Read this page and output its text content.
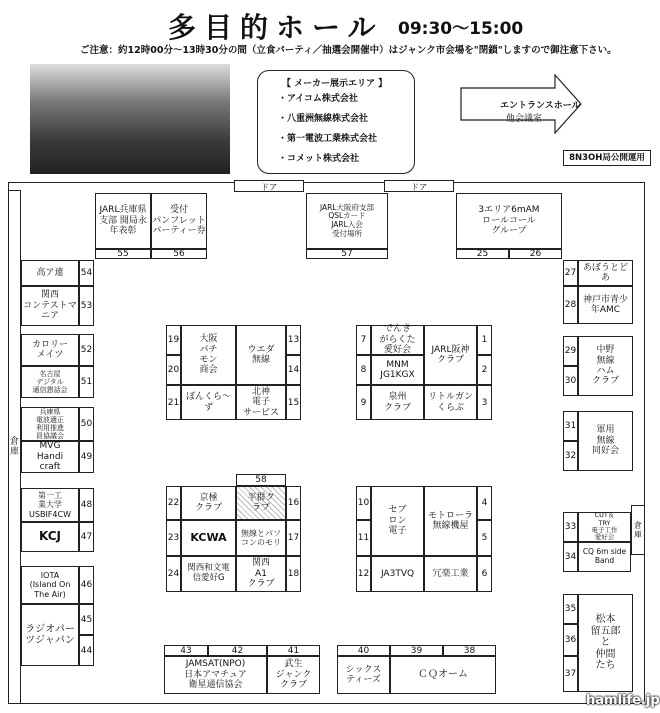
多目的ホール 09:30〜15:00
ご注意：約12時00分〜13時30分の間（立食パーティ／抽選会開催中）はジャンク市会場を"閉鎖"しますので御注意下さい。
【 メーカー展示エリア 】
・アイコム株式会社
・八重洲無線株式会社
・第一電波工業株式会社
・コメット株式会社
エントランスホール
他会議室
8N3OH局公開運用
ドア	ドア
倉
庫
倉
庫
JARL兵庫県
支部 開局永
年表彰
受付
パンフレット
パーティー券
55	56
JARL大阪府支部
QSLカード
JARL入会
受付場所
57
3エリア6mAM
ロールコール
グループ
25	26
高ア連	54
関西
コンテストマ
ニア
53
カロリー
メイツ	52
名古屋
デジタル
通信懇話会
51
兵庫県
電波適正
利用推進
員協議会
50
MVG
Handi
craft
49
第一工
業大学
USBIF4CW
48
KCJ	47
IOTA
(Island On
The Air)
46
ラジオパー
ツジャパン
45
44
27
あぼうとど
あ
28
神戸市青少
年AMC
29
30
中野
無線
ハム
クラブ
31
32
軍用
無線
同好会
33
CUT＆
TRY
電子工作
愛好会
34
CQ 6m side
Band
35
36
37
松本
留五郎
と
仲間
たち
19
20
21
大阪
パチ
モン
商会
ウエダ
無線
ぼんくら〜
ず
北神
電子
サービス
13
14
15
7
8
9
でんき
がらくた
愛好会
MNM
JG1KGX
JARL阪神
クラブ
泉州
クラブ
リトルガン
くらぶ
1
2
3
58
22
23
24
京極
クラブ
平群ク
ラブ
KCWA	無線とパソ
コンのモリ
関西和文電
信愛好G
関西
A1
クラブ
16
17
18
10
11
12
セブ
ロン
電子
モトローラ
無線機屋
JA3TVQ	冗楽工業
4
5
6
43	42	41
JAMSAT(NPO)
日本アマチュア
衛星通信協会
武生
ジャンク
クラブ
40	39	38
シックス
ティーズ	ＣＱオーム
hamlife.jp
